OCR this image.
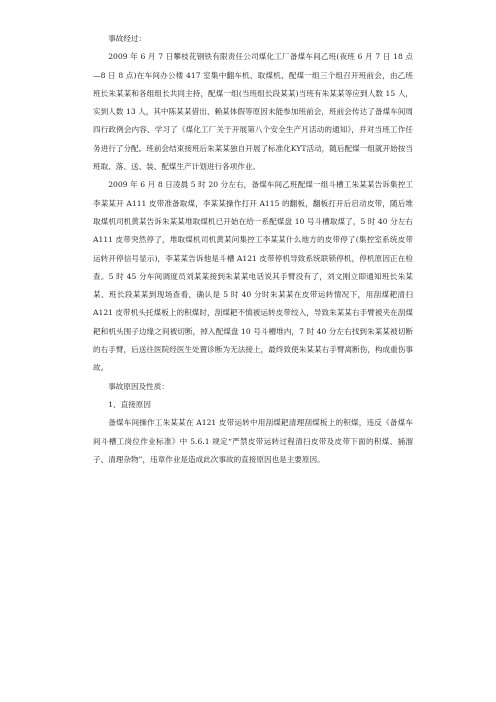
事故经过：

2009 年 6 月 7 日攀枝花钢铁有限责任公司煤化工厂备煤车间乙班(夜班 6 月 7 日 18 点—8 日 8 点)在车间办公楼 417 室集中翻车机、取煤机、配煤一组三个组召开班前会，由乙班班长朱某某和各组组长共同主持，配煤一组(当班组长段某某)当班有朱某某等应到人数 15 人，实到人数 13 人，其中陈某某借出、赖某体假等原因未能参加班前会，班前会传达了备煤车间周四行政例会内容、学习了《煤化工厂关于开展第八个安全生产月活动的通知》，并对当班工作任务进行了分配。班前会结束接班后朱某某独自开展了标准化KYT活动，随后配煤一组就开始按当班取、落、送、装、配煤生产计划进行各项作业。

2009 年 6 月 8 日凌晨 5 时 20 分左右，备煤车间乙班配煤一组斗槽工朱某某告诉集控工李某某开 A111 皮带准备取煤，李某某操作打开 A115 的翻板，翻板打开后启动皮带，随后堆取煤机司机黄某告诉朱某某堆取煤机已开始在给一系配煤盘 10 号斗槽取煤了，5 时 40 分左右 A111 皮带突然停了，堆取煤机司机黄某问集控工李某某什么地方的皮带停了(集控室系统皮带运转开停信号显示)，李某某告诉他是斗槽 A121 皮带停机导致系统联锁停机，停机原因正在检查。5 时 45 分车间调度员刘某某接到朱某某电话说其手臂没有了，刘文刚立即通知班长朱某某、班长段某某到现场查看，确认是 5 时 40 分时朱某某在皮带运转情况下，用刮煤耙清扫 A121 皮带机头托煤板上的积煤时，刮煤耙不慎被运转皮带绞入，导致朱某某右手臂被夹在刮煤耙和机头围子边缘之间被切断，掉入配煤盘 10 号斗槽堆内，7 时 40 分左右找到朱某某被切断的右手臂，后送往医院经医生处置诊断为无法接上，最终致使朱某某右手臂离断伤，构成重伤事故。

事故原因及性质：

1、直接原因

备煤车间操作工朱某某在 A121 皮带运转中用刮煤耙清理刮煤板上的积煤，违反《备煤车间斗槽工岗位作业标准》中 5.6.1 规定“严禁皮带运转过程清扫皮带及皮带下面的积煤、捅溜子、清理杂物”，违章作业是造成此次事故的直接原因也是主要原因。
